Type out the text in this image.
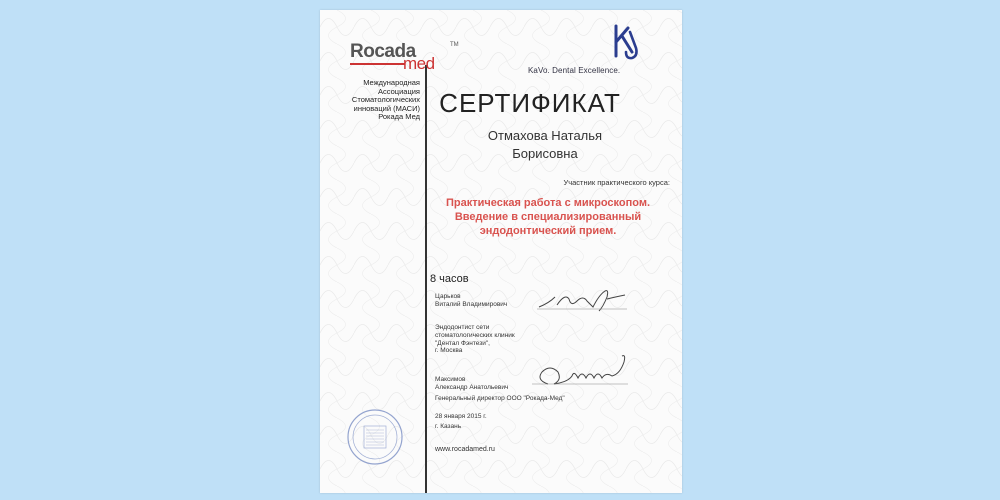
Rocada
med
TM
Международная
Ассоциация
Стоматологических
инноваций (МАСИ)
Рокада Мед
KaVo. Dental Excellence.
СЕРТИФИКАТ
Отмахова Наталья
Борисовна
Участник практического курса:
Практическая работа с микроскопом.
Введение в специализированный
эндодонтический прием.
8 часов
Царьков
Виталий Владимирович
Эндодонтист сети
стоматологических клиник
"Дентал Фэнтези",
г. Москва
Максимов
Александр Анатольевич
Генеральный директор ООО "Рокада-Мед"
28 января 2015 г.
г. Казань
www.rocadamed.ru
